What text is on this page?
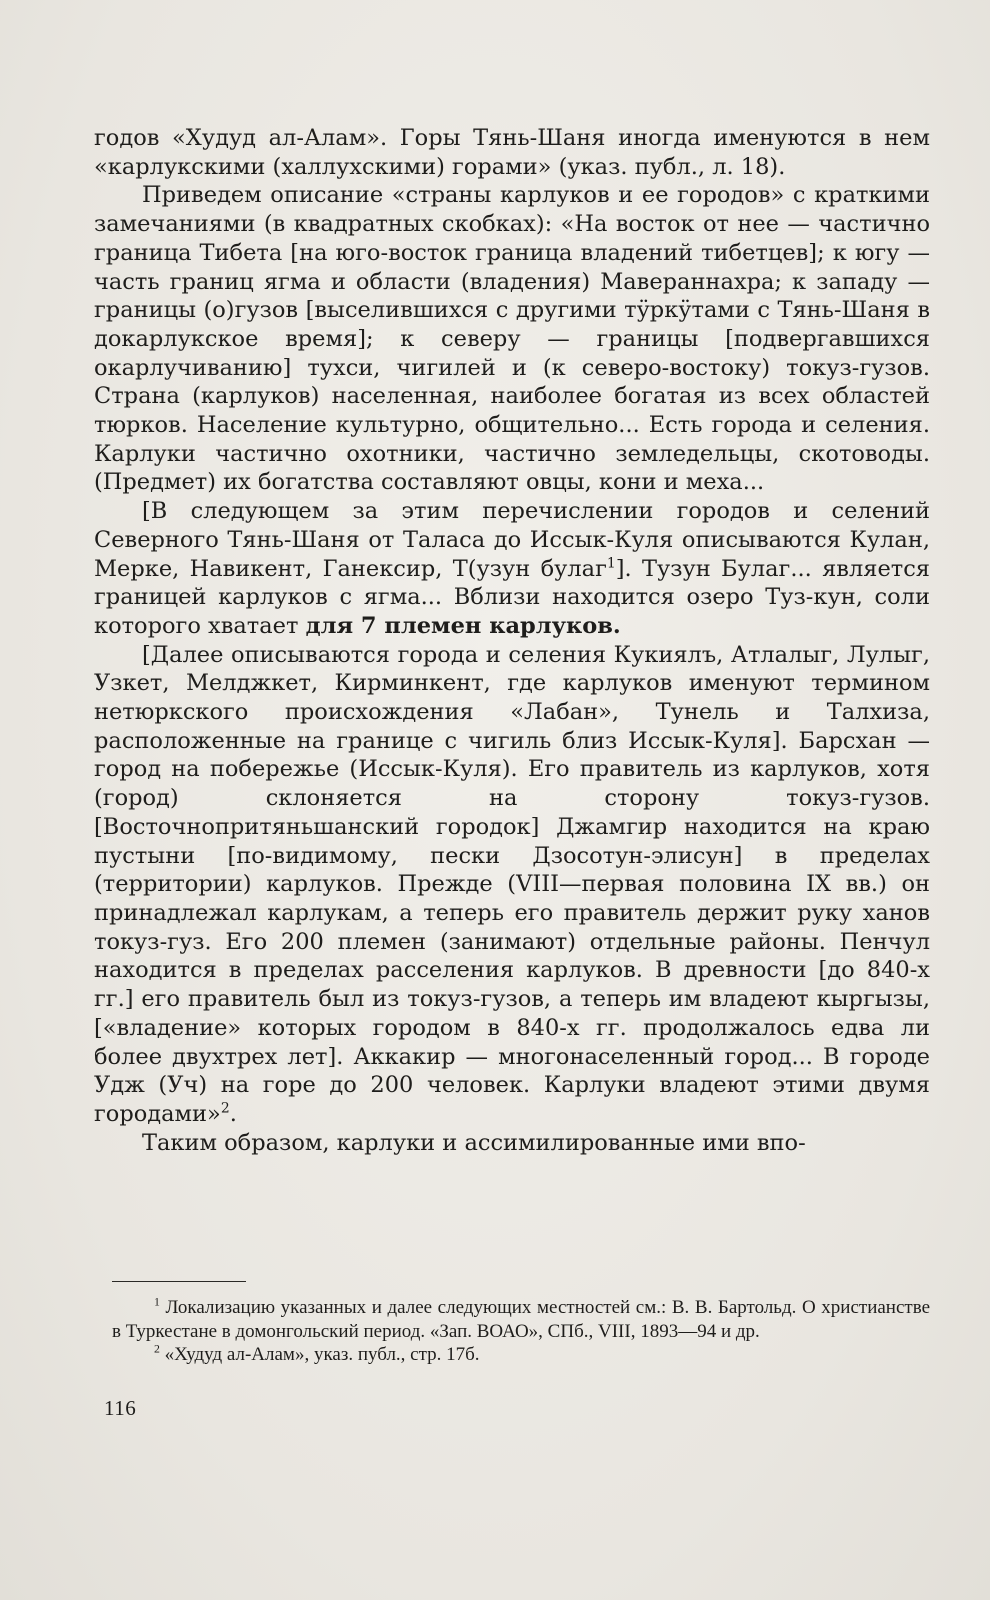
годов «Худуд ал-Алам». Горы Тянь-Шаня иногда именуются в нем «карлукскими (халлухскими) горами» (указ. публ., л. 18).

Приведем описание «страны карлуков и ее городов» с краткими замечаниями (в квадратных скобках): «На восток от нее — частично граница Тибета [на юго-восток граница владений тибетцев]; к югу — часть границ ягма и области (владения) Мавераннахра; к западу — границы (о)гузов [выселившихся с другими тӱркӱтами с Тянь-Шаня в докарлукское время]; к северу — границы [подвергавшихся окарлучиванию] тухси, чигилей и (к северо-востоку) токуз-гузов. Страна (карлуков) населенная, наиболее богатая из всех областей тюрков. Население культурно, общительно... Есть города и селения. Карлуки частично охотники, частично земледельцы, скотоводы. (Предмет) их богатства составляют овцы, кони и меха...

[В следующем за этим перечислении городов и селений Северного Тянь-Шаня от Таласа до Иссык-Куля описываются Кулан, Мерке, Навикент, Ганексир, Т(узун булаг$^1$]. Тузун Булаг... является границей карлуков с ягма... Вблизи находится озеро Туз-кун, соли которого хватает для 7 племен карлуков.

[Далее описываются города и селения Кукиялъ, Атлалыг, Лулыг, Узкет, Мелджкет, Кирминкент, где карлуков именуют термином нетюркского происхождения «Лабан», Тунель и Талхиза, расположенные на границе с чигиль близ Иссык-Куля]. Барсхан — город на побережье (Иссык-Куля). Его правитель из карлуков, хотя (город) склоняется на сторону токуз-гузов. [Восточнопритяньшанский городок] Джамгир находится на краю пустыни [по-видимому, пески Дзосотун-элисун] в пределах (территории) карлуков. Прежде (VIII—первая половина IX вв.) он принадлежал карлукам, а теперь его правитель держит руку ханов токуз-гуз. Его 200 племен (занимают) отдельные районы. Пенчул находится в пределах расселения карлуков. В древности [до 840-х гг.] его правитель был из токуз-гузов, а теперь им владеют кыргызы, [«владение» которых городом в 840-х гг. продолжалось едва ли более двухтрех лет]. Аккакир — многонаселенный город... В городе Удж (Уч) на горе до 200 человек. Карлуки владеют этими двумя городами»$^2$.

Таким образом, карлуки и ассимилированные ими впо-

$^1$ Локализацию указанных и далее следующих местностей см.: В. В. Бартольд. О христианстве в Туркестане в домонгольский период. «Зап. ВОАО», СПб., VIII, 1893—94 и др.

$^2$ «Худуд ал-Алам», указ. публ., стр. 17б.

116
